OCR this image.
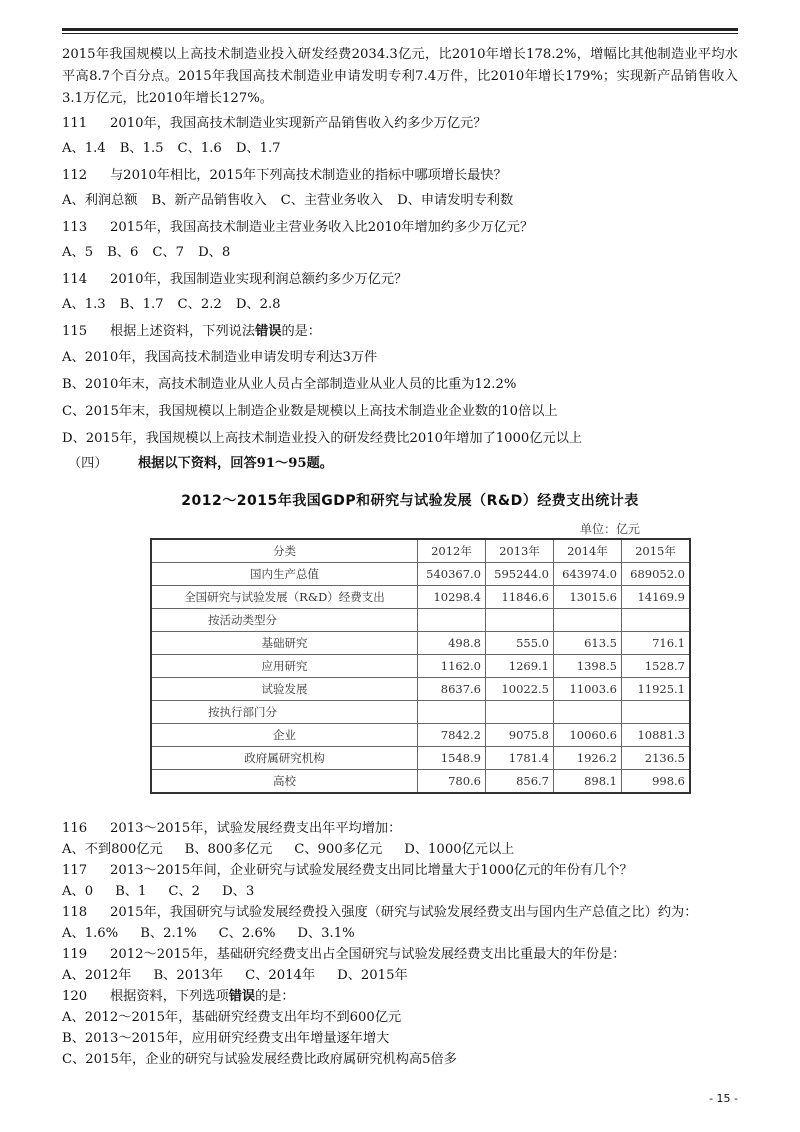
2015年我国规模以上高技术制造业投入研发经费2034.3亿元，比2010年增长178.2%，增幅比其他制造业平均水平高8.7个百分点。2015年我国高技术制造业申请发明专利7.4万件，比2010年增长179%；实现新产品销售收入3.1万亿元，比2010年增长127%。

111 2010年，我国高技术制造业实现新产品销售收入约多少万亿元？

A、1.4 B、1.5 C、1.6 D、1.7

112 与2010年相比，2015年下列高技术制造业的指标中哪项增长最快？

A、利润总额 B、新产品销售收入 C、主营业务收入 D、申请发明专利数

113 2015年，我国高技术制造业主营业务收入比2010年增加约多少万亿元？

A、5 B、6 C、7 D、8

114 2010年，我国制造业实现利润总额约多少万亿元？

A、1.3 B、1.7 C、2.2 D、2.8

115 根据上述资料，下列说法错误的是：

A、2010年，我国高技术制造业申请发明专利达3万件

B、2010年末，高技术制造业从业人员占全部制造业从业人员的比重为12.2%

C、2015年末，我国规模以上制造企业数是规模以上高技术制造业企业数的10倍以上

D、2015年，我国规模以上高技术制造业投入的研发经费比2010年增加了1000亿元以上

（四） 根据以下资料，回答91～95题。

2012～2015年我国GDP和研究与试验发展（R&D）经费支出统计表
单位：亿元
分类	2012年	2013年	2014年	2015年
国内生产总值	540367.0	595244.0	643974.0	689052.0
全国研究与试验发展（R&D）经费支出	10298.4	11846.6	13015.6	14169.9
按活动类型分				
基础研究	498.8	555.0	613.5	716.1
应用研究	1162.0	1269.1	1398.5	1528.7
试验发展	8637.6	10022.5	11003.6	11925.1
按执行部门分				
企业	7842.2	9075.8	10060.6	10881.3
政府属研究机构	1548.9	1781.4	1926.2	2136.5
高校	780.6	856.7	898.1	998.6

116 2013～2015年，试验发展经费支出年平均增加：

A、不到800亿元 B、800多亿元 C、900多亿元 D、1000亿元以上

117 2013～2015年间，企业研究与试验发展经费支出同比增量大于1000亿元的年份有几个？

A、0 B、1 C、2 D、3

118 2015年，我国研究与试验发展经费投入强度（研究与试验发展经费支出与国内生产总值之比）约为：

A、1.6% B、2.1% C、2.6% D、3.1%

119 2012～2015年，基础研究经费支出占全国研究与试验发展经费支出比重最大的年份是：

A、2012年 B、2013年 C、2014年 D、2015年

120 根据资料，下列选项错误的是：

A、2012～2015年，基础研究经费支出年均不到600亿元

B、2013～2015年，应用研究经费支出年增量逐年增大

C、2015年，企业的研究与试验发展经费比政府属研究机构高5倍多

- 15 -
